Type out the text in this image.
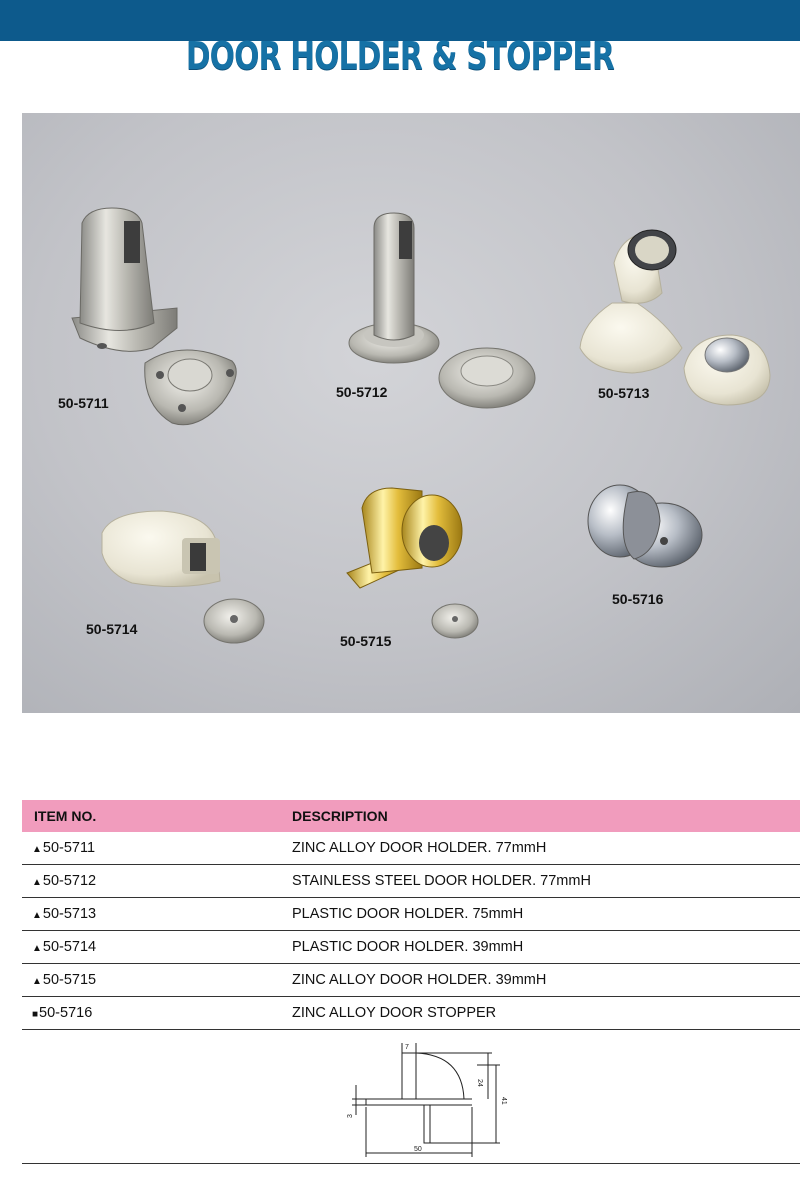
DOOR HOLDER & STOPPER
50-5711
50-5712	50-5713
50-5714
50-5715
50-5716
ITEM NO.	DESCRIPTION
▲50-5711	ZINC ALLOY DOOR HOLDER. 77mmH
▲50-5712	STAINLESS STEEL DOOR HOLDER. 77mmH
▲50-5713	PLASTIC DOOR HOLDER. 75mmH
▲50-5714	PLASTIC DOOR HOLDER. 39mmH
▲50-5715	ZINC ALLOY DOOR HOLDER. 39mmH
■50-5716	ZINC ALLOY DOOR STOPPER
7
24
41
3
50
